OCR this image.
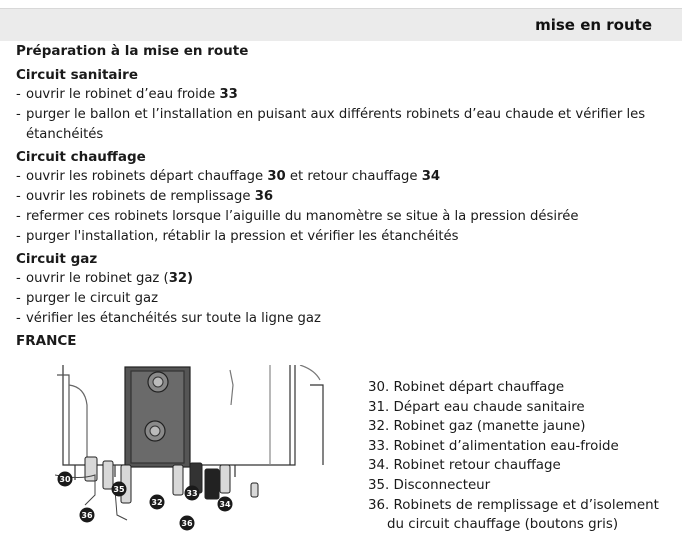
mise en route
Préparation à la mise en route
Circuit sanitaire
- ouvrir le robinet d’eau froide 33
- purger le ballon et l’installation en puisant aux différents robinets d’eau chaude et vérifier les étanchéités
Circuit chauffage
- ouvrir les robinets départ chauffage 30 et retour chauffage 34
- ouvrir les robinets de remplissage 36
- refermer ces robinets lorsque l’aiguille du manomètre se situe à la pression désirée
- purger l'installation, rétablir la pression et vérifier les étanchéités
Circuit gaz
- ouvrir le robinet gaz (32)
- purger le circuit gaz
- vérifier les étanchéités sur toute la ligne gaz
FRANCE
30
35
36
32
33
34
36
30. Robinet départ chauffage
31. Départ eau chaude sanitaire
32. Robinet gaz (manette jaune)
33. Robinet d’alimentation eau-froide
34. Robinet retour chauffage
35. Disconnecteur
36. Robinets de remplissage et d’isolement du circuit chauffage (boutons gris)
